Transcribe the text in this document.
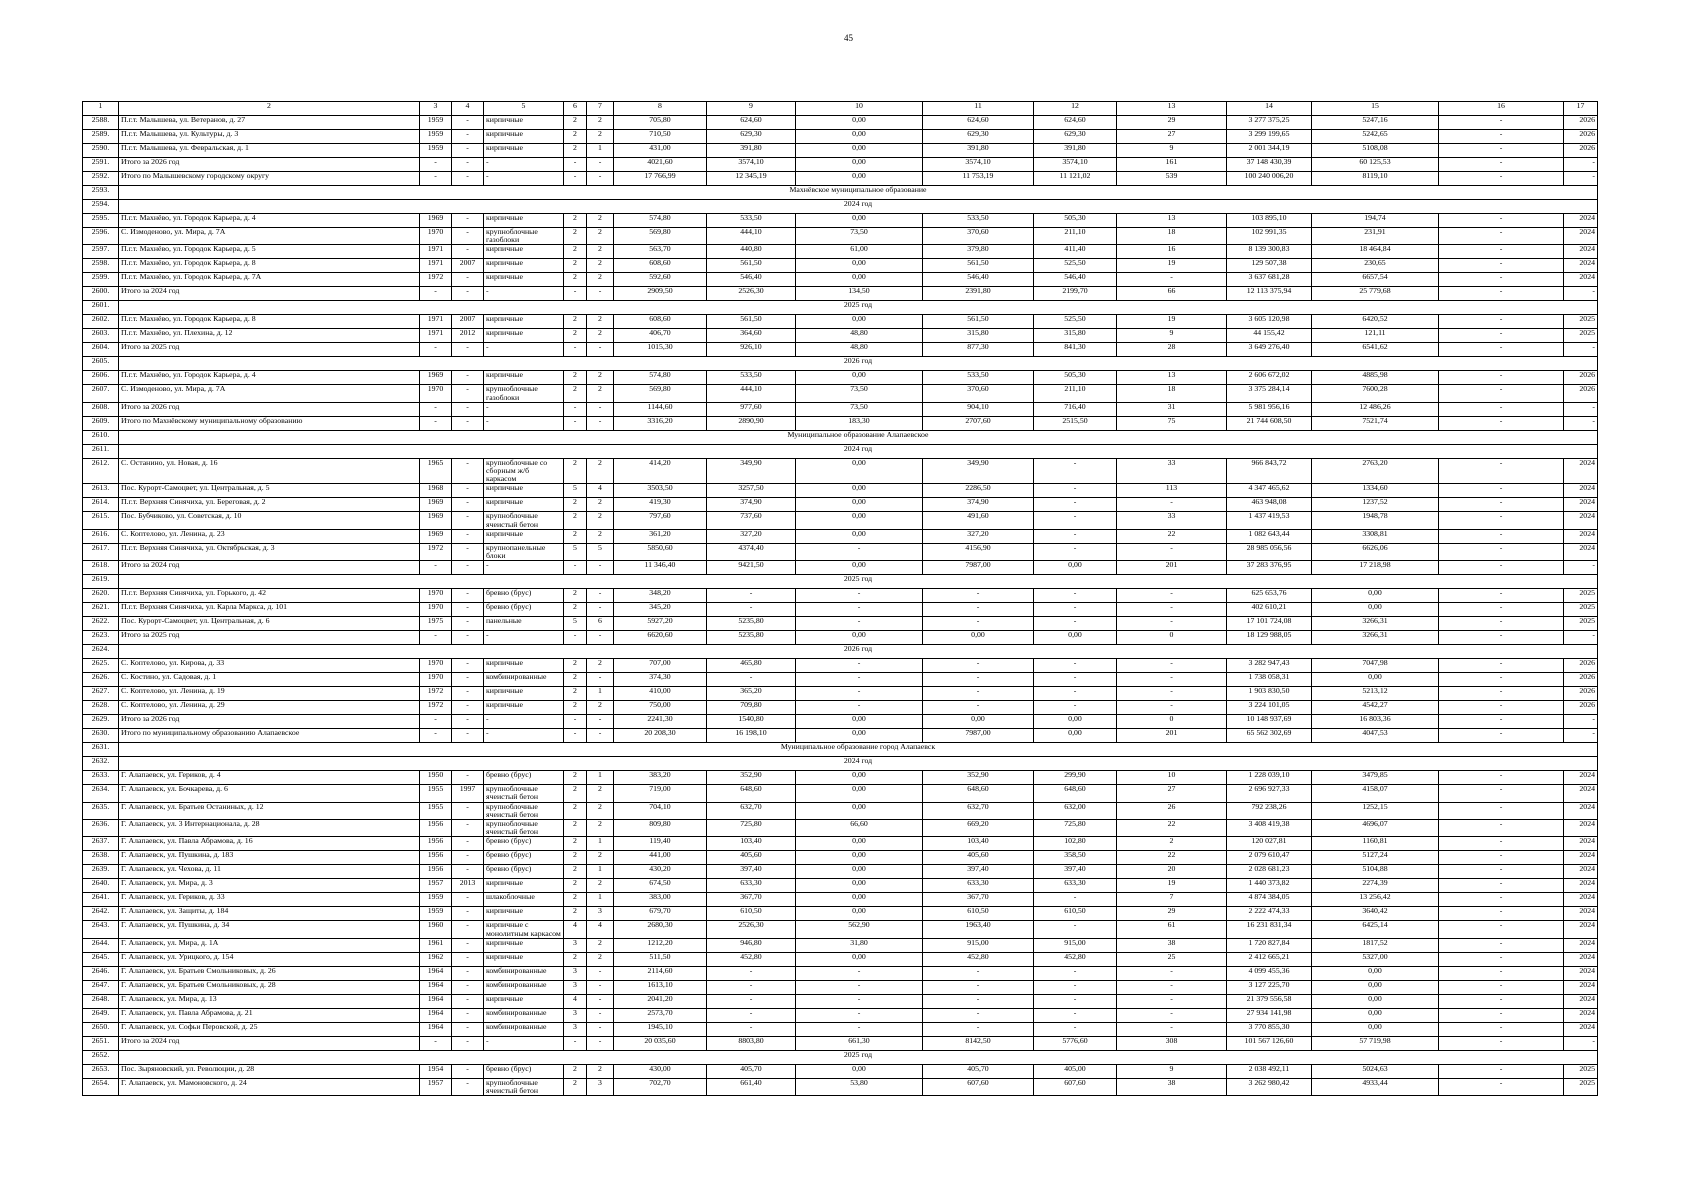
45
1	2	3	4	5	6	7	8	9	10	11	12	13	14	15	16	17
2588.	П.г.т. Малышева, ул. Ветеранов, д. 27	1959	-	кирпичные	2	2	705,80	624,60	0,00	624,60	624,60	29	3 277 375,25	5247,16	-	2026
2589.	П.г.т. Малышева, ул. Культуры, д. 3	1959	-	кирпичные	2	2	710,50	629,30	0,00	629,30	629,30	27	3 299 199,65	5242,65	-	2026
2590.	П.г.т. Малышева, ул. Февральская, д. 1	1959	-	кирпичные	2	1	431,00	391,80	0,00	391,80	391,80	9	2 001 344,19	5108,08	-	2026
2591.	Итого за 2026 год	-	-	-	-	-	4021,60	3574,10	0,00	3574,10	3574,10	161	37 148 430,39	60 125,53	-	-
2592.	Итого по Малышевскому городскому округу	-	-	-	-	-	17 766,99	12 345,19	0,00	11 753,19	11 121,02	539	100 240 006,20	8119,10	-	-
2593.	Махнёвское муниципальное образование															
2594.	2024 год															
2595.	П.г.т. Махнёво, ул. Городок Карьера, д. 4	1969	-	кирпичные	2	2	574,80	533,50	0,00	533,50	505,30	13	103 895,10	194,74	-	2024
2596.	С. Измоденово, ул. Мира, д. 7А	1970	-	крупноблочные газоблоки	2	2	569,80	444,10	73,50	370,60	211,10	18	102 991,35	231,91	-	2024
2597.	П.г.т. Махнёво, ул. Городок Карьера, д. 5	1971	-	кирпичные	2	2	563,70	440,80	61,00	379,80	411,40	16	8 139 300,83	18 464,84	-	2024
2598.	П.г.т. Махнёво, ул. Городок Карьера, д. 8	1971	2007	кирпичные	2	2	608,60	561,50	0,00	561,50	525,50	19	129 507,38	230,65	-	2024
2599.	П.г.т. Махнёво, ул. Городок Карьера, д. 7А	1972	-	кирпичные	2	2	592,60	546,40	0,00	546,40	546,40	-	3 637 681,28	6657,54	-	2024
2600.	Итого за 2024 год	-	-	-	-	-	2909,50	2526,30	134,50	2391,80	2199,70	66	12 113 375,94	25 779,68	-	-
2601.	2025 год															
2602.	П.г.т. Махнёво, ул. Городок Карьера, д. 8	1971	2007	кирпичные	2	2	608,60	561,50	0,00	561,50	525,50	19	3 605 120,98	6420,52	-	2025
2603.	П.г.т. Махнёво, ул. Плехина, д. 12	1971	2012	кирпичные	2	2	406,70	364,60	48,80	315,80	315,80	9	44 155,42	121,11	-	2025
2604.	Итого за 2025 год	-	-	-	-	-	1015,30	926,10	48,80	877,30	841,30	28	3 649 276,40	6541,62	-	-
2605.	2026 год															
2606.	П.г.т. Махнёво, ул. Городок Карьера, д. 4	1969	-	кирпичные	2	2	574,80	533,50	0,00	533,50	505,30	13	2 606 672,02	4885,98	-	2026
2607.	С. Измоденово, ул. Мира, д. 7А	1970	-	крупноблочные газоблоки	2	2	569,80	444,10	73,50	370,60	211,10	18	3 375 284,14	7600,28	-	2026
2608.	Итого за 2026 год	-	-	-	-	-	1144,60	977,60	73,50	904,10	716,40	31	5 981 956,16	12 486,26	-	-
2609.	Итого по Махнёвскому муниципальному образованию	-	-	-	-	-	3316,20	2890,90	183,30	2707,60	2515,50	75	21 744 608,50	7521,74	-	-
2610.	Муниципальное образование Алапаевское															
2611.	2024 год															
2612.	С. Останино, ул. Новая, д. 16	1965	-	крупноблочные со сборным ж/б каркасом	2	2	414,20	349,90	0,00	349,90	-	33	966 843,72	2763,20	-	2024
2613.	Пос. Курорт-Самоцвет, ул. Центральная, д. 5	1968	-	кирпичные	5	4	3503,50	3257,50	0,00	2286,50	-	113	4 347 465,62	1334,60	-	2024
2614.	П.г.т. Верхняя Синячиха, ул. Береговая, д. 2	1969	-	кирпичные	2	2	419,30	374,90	0,00	374,90	-	-	463 948,08	1237,52	-	2024
2615.	Пос. Бубчиково, ул. Советская, д. 10	1969	-	крупноблочные ячеистый бетон	2	2	797,60	737,60	0,00	491,60	-	33	1 437 419,53	1948,78	-	2024
2616.	С. Коптелово, ул. Ленина, д. 23	1969	-	кирпичные	2	2	361,20	327,20	0,00	327,20	-	22	1 082 643,44	3308,81	-	2024
2617.	П.г.т. Верхняя Синячиха, ул. Октябрьская, д. 3	1972	-	крупнопанельные блоки	5	5	5850,60	4374,40	-	4156,90	-	-	28 985 056,56	6626,06	-	2024
2618.	Итого за 2024 год	-	-	-	-	-	11 346,40	9421,50	0,00	7987,00	0,00	201	37 283 376,95	17 218,98	-	-
2619.	2025 год															
2620.	П.г.т. Верхняя Синячиха, ул. Горького, д. 42	1970	-	бревно (брус)	2	-	348,20	-	-	-	-	-	625 653,76	0,00	-	2025
2621.	П.г.т. Верхняя Синячиха, ул. Карла Маркса, д. 101	1970	-	бревно (брус)	2	-	345,20	-	-	-	-	-	402 610,21	0,00	-	2025
2622.	Пос. Курорт-Самоцвет, ул. Центральная, д. 6	1975	-	панельные	5	6	5927,20	5235,80	-	-	-	-	17 101 724,08	3266,31	-	2025
2623.	Итого за 2025 год	-	-	-	-	-	6620,60	5235,80	0,00	0,00	0,00	0	18 129 988,05	3266,31	-	-
2624.	2026 год															
2625.	С. Коптелово, ул. Кирова, д. 33	1970	-	кирпичные	2	2	707,00	465,80	-	-	-	-	3 282 947,43	7047,98	-	2026
2626.	С. Костино, ул. Садовая, д. 1	1970	-	комбинированные	2	-	374,30	-	-	-	-	-	1 738 058,31	0,00	-	2026
2627.	С. Коптелово, ул. Ленина, д. 19	1972	-	кирпичные	2	1	410,00	365,20	-	-	-	-	1 903 830,50	5213,12	-	2026
2628.	С. Коптелово, ул. Ленина, д. 29	1972	-	кирпичные	2	2	750,00	709,80	-	-	-	-	3 224 101,05	4542,27	-	2026
2629.	Итого за 2026 год	-	-	-	-	-	2241,30	1540,80	0,00	0,00	0,00	0	10 148 937,69	16 803,36	-	-
2630.	Итого по муниципальному образованию Алапаевское	-	-	-	-	-	20 208,30	16 198,10	0,00	7987,00	0,00	201	65 562 302,69	4047,53	-	-
2631.	Муниципальное образование город Алапаевск															
2632.	2024 год															
2633.	Г. Алапаевск, ул. Гериков, д. 4	1950	-	бревно (брус)	2	1	383,20	352,90	0,00	352,90	299,90	10	1 228 039,10	3479,85	-	2024
2634.	Г. Алапаевск, ул. Бочкарева, д. 6	1955	1997	крупноблочные ячеистый бетон	2	2	719,00	648,60	0,00	648,60	648,60	27	2 696 927,33	4158,07	-	2024
2635.	Г. Алапаевск, ул. Братьев Останиных, д. 12	1955	-	крупноблочные ячеистый бетон	2	2	704,10	632,70	0,00	632,70	632,00	26	792 238,26	1252,15	-	2024
2636.	Г. Алапаевск, ул. 3 Интернационала, д. 28	1956	-	крупноблочные ячеистый бетон	2	2	809,80	725,80	66,60	669,20	725,80	22	3 408 419,38	4696,07	-	2024
2637.	Г. Алапаевск, ул. Павла Абрамова, д. 16	1956	-	бревно (брус)	2	1	119,40	103,40	0,00	103,40	102,80	2	120 027,81	1160,81	-	2024
2638.	Г. Алапаевск, ул. Пушкина, д. 183	1956	-	бревно (брус)	2	2	441,00	405,60	0,00	405,60	358,50	22	2 079 610,47	5127,24	-	2024
2639.	Г. Алапаевск, ул. Чехова, д. 11	1956	-	бревно (брус)	2	1	430,20	397,40	0,00	397,40	397,40	20	2 028 681,23	5104,88	-	2024
2640.	Г. Алапаевск, ул. Мира, д. 3	1957	2013	кирпичные	2	2	674,50	633,30	0,00	633,30	633,30	19	1 440 373,82	2274,39	-	2024
2641.	Г. Алапаевск, ул. Гериков, д. 33	1959	-	шлакоблочные	2	1	383,00	367,70	0,00	367,70	-	7	4 874 384,05	13 256,42	-	2024
2642.	Г. Алапаевск, ул. Защиты, д. 184	1959	-	кирпичные	2	3	679,70	610,50	0,00	610,50	610,50	29	2 222 474,33	3640,42	-	2024
2643.	Г. Алапаевск, ул. Пушкина, д. 34	1960	-	кирпичные с монолитным каркасом	4	4	2680,30	2526,30	562,90	1963,40	-	61	16 231 831,34	6425,14	-	2024
2644.	Г. Алапаевск, ул. Мира, д. 1А	1961	-	кирпичные	3	2	1212,20	946,80	31,80	915,00	915,00	38	1 720 827,84	1817,52	-	2024
2645.	Г. Алапаевск, ул. Урицкого, д. 154	1962	-	кирпичные	2	2	511,50	452,80	0,00	452,80	452,80	25	2 412 665,21	5327,00	-	2024
2646.	Г. Алапаевск, ул. Братьев Смольниковых, д. 26	1964	-	комбинированные	3	-	2114,60	-	-	-	-	-	4 099 455,36	0,00	-	2024
2647.	Г. Алапаевск, ул. Братьев Смольниковых, д. 28	1964	-	комбинированные	3	-	1613,10	-	-	-	-	-	3 127 225,70	0,00	-	2024
2648.	Г. Алапаевск, ул. Мира, д. 13	1964	-	кирпичные	4	-	2041,20	-	-	-	-	-	21 379 556,58	0,00	-	2024
2649.	Г. Алапаевск, ул. Павла Абрамова, д. 21	1964	-	комбинированные	3	-	2573,70	-	-	-	-	-	27 934 141,98	0,00	-	2024
2650.	Г. Алапаевск, ул. Софьи Перовской, д. 25	1964	-	комбинированные	3	-	1945,10	-	-	-	-	-	3 770 855,30	0,00	-	2024
2651.	Итого за 2024 год	-	-	-	-	-	20 035,60	8803,80	661,30	8142,50	5776,60	308	101 567 126,60	57 719,98	-	-
2652.	2025 год															
2653.	Пос. Зыряновский, ул. Революции, д. 28	1954	-	бревно (брус)	2	2	430,00	405,70	0,00	405,70	405,00	9	2 038 492,11	5024,63	-	2025
2654.	Г. Алапаевск, ул. Мамоновского, д. 24	1957	-	крупноблочные ячеистый бетон	2	3	702,70	661,40	53,80	607,60	607,60	38	3 262 980,42	4933,44	-	2025
